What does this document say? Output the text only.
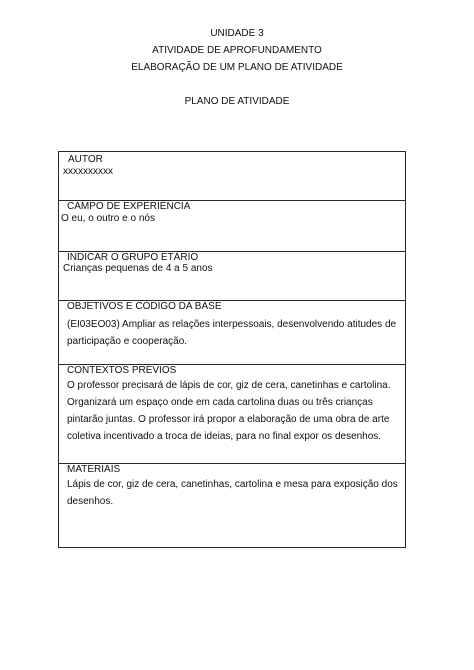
UNIDADE 3
ATIVIDADE DE APROFUNDAMENTO
ELABORAÇÃO DE UM PLANO DE ATIVIDADE
PLANO DE ATIVIDADE
AUTOR
xxxxxxxxxx
CAMPO DE EXPERIÊNCIA
O eu, o outro e o nós
INDICAR O GRUPO ETÁRIO
Crianças pequenas de 4 a 5 anos
OBJETIVOS E CÓDIGO DA BASE
(EI03EO03) Ampliar as relações interpessoais, desenvolvendo atitudes de participação e cooperação.
CONTEXTOS PRÉVIOS
O professor precisará de lápis de cor, giz de cera, canetinhas e cartolina. Organizará um espaço onde em cada cartolina duas ou três crianças pintarão juntas. O professor irá propor a elaboração de uma obra de arte coletiva incentivado a troca de ideias, para no final expor os desenhos.
MATERIAIS
Lápis de cor, giz de cera, canetinhas, cartolina e mesa para exposição dos desenhos.
